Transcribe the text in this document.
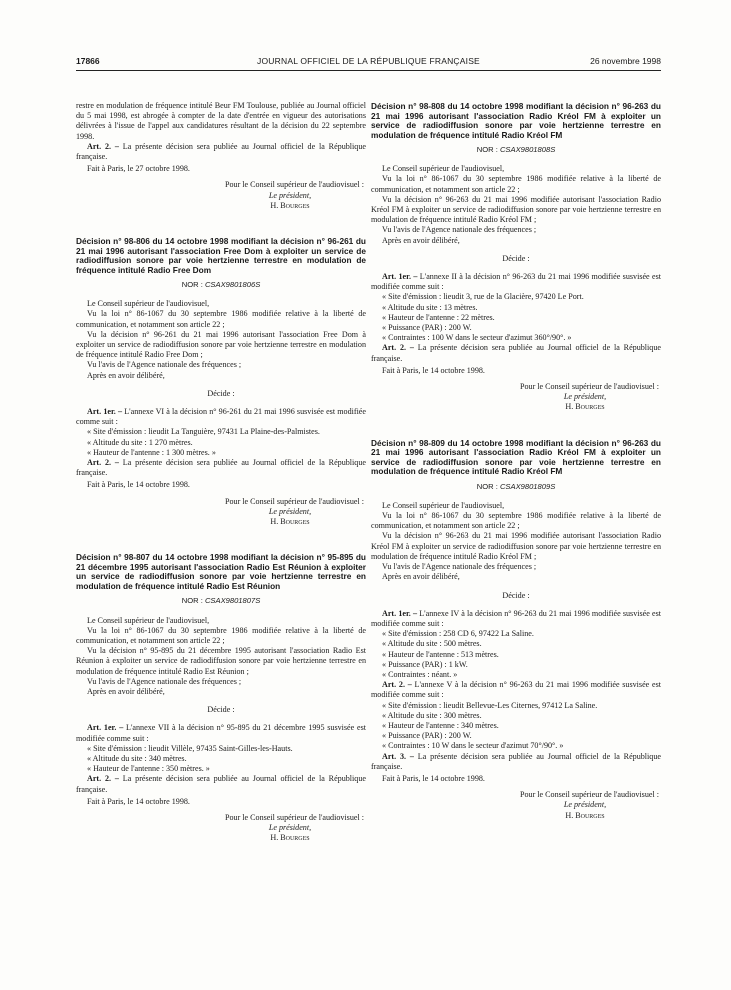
17866	JOURNAL OFFICIEL DE LA RÉPUBLIQUE FRANÇAISE	26 novembre 1998

restre en modulation de fréquence intitulé Beur FM Toulouse, publiée au Journal officiel du 5 mai 1998, est abrogée à compter de la date d'entrée en vigueur des autorisations délivrées à l'issue de l'appel aux candidatures résultant de la décision du 22 septembre 1998.

Art. 2. – La présente décision sera publiée au Journal officiel de la République française.

Fait à Paris, le 27 octobre 1998.

Pour le Conseil supérieur de l'audiovisuel :
Le président,
H. Bourges
Décision n° 98-806 du 14 octobre 1998 modifiant la décision n° 96-261 du 21 mai 1996 autorisant l'association Free Dom à exploiter un service de radiodiffusion sonore par voie hertzienne terrestre en modulation de fréquence intitulé Radio Free Dom
NOR : CSAX9801806S

Le Conseil supérieur de l'audiovisuel,

Vu la loi n° 86-1067 du 30 septembre 1986 modifiée relative à la liberté de communication, et notamment son article 22 ;

Vu la décision n° 96-261 du 21 mai 1996 autorisant l'association Free Dom à exploiter un service de radiodiffusion sonore par voie hertzienne terrestre en modulation de fréquence intitulé Radio Free Dom ;

Vu l'avis de l'Agence nationale des fréquences ;

Après en avoir délibéré,

Décide :

Art. 1er. – L'annexe VI à la décision n° 96-261 du 21 mai 1996 susvisée est modifiée comme suit :

« Site d'émission : lieudit La Tanguière, 97431 La Plaine-des-Palmistes.

« Altitude du site : 1 270 mètres.

« Hauteur de l'antenne : 1 300 mètres. »

Art. 2. – La présente décision sera publiée au Journal officiel de la République française.

Fait à Paris, le 14 octobre 1998.

Pour le Conseil supérieur de l'audiovisuel :
Le président,
H. Bourges
Décision n° 98-807 du 14 octobre 1998 modifiant la décision n° 95-895 du 21 décembre 1995 autorisant l'association Radio Est Réunion à exploiter un service de radiodiffusion sonore par voie hertzienne terrestre en modulation de fréquence intitulé Radio Est Réunion
NOR : CSAX9801807S

Le Conseil supérieur de l'audiovisuel,

Vu la loi n° 86-1067 du 30 septembre 1986 modifiée relative à la liberté de communication, et notamment son article 22 ;

Vu la décision n° 95-895 du 21 décembre 1995 autorisant l'association Radio Est Réunion à exploiter un service de radiodiffusion sonore par voie hertzienne terrestre en modulation de fréquence intitulé Radio Est Réunion ;

Vu l'avis de l'Agence nationale des fréquences ;

Après en avoir délibéré,

Décide :

Art. 1er. – L'annexe VII à la décision n° 95-895 du 21 décembre 1995 susvisée est modifiée comme suit :

« Site d'émission : lieudit Villèle, 97435 Saint-Gilles-les-Hauts.

« Altitude du site : 340 mètres.

« Hauteur de l'antenne : 350 mètres. »

Art. 2. – La présente décision sera publiée au Journal officiel de la République française.

Fait à Paris, le 14 octobre 1998.

Pour le Conseil supérieur de l'audiovisuel :
Le président,
H. Bourges
Décision n° 98-808 du 14 octobre 1998 modifiant la décision n° 96-263 du 21 mai 1996 autorisant l'association Radio Kréol FM à exploiter un service de radiodiffusion sonore par voie hertzienne terrestre en modulation de fréquence intitulé Radio Kréol FM
NOR : CSAX9801808S

Le Conseil supérieur de l'audiovisuel,

Vu la loi n° 86-1067 du 30 septembre 1986 modifiée relative à la liberté de communication, et notamment son article 22 ;

Vu la décision n° 96-263 du 21 mai 1996 modifiée autorisant l'association Radio Kréol FM à exploiter un service de radiodiffusion sonore par voie hertzienne terrestre en modulation de fréquence intitulé Radio Kréol FM ;

Vu l'avis de l'Agence nationale des fréquences ;

Après en avoir délibéré,

Décide :

Art. 1er. – L'annexe II à la décision n° 96-263 du 21 mai 1996 modifiée susvisée est modifiée comme suit :

« Site d'émission : lieudit 3, rue de la Glacière, 97420 Le Port.

« Altitude du site : 13 mètres.

« Hauteur de l'antenne : 22 mètres.

« Puissance (PAR) : 200 W.

« Contraintes : 100 W dans le secteur d'azimut 360°/90°. »

Art. 2. – La présente décision sera publiée au Journal officiel de la République française.

Fait à Paris, le 14 octobre 1998.

Pour le Conseil supérieur de l'audiovisuel :
Le président,
H. Bourges
Décision n° 98-809 du 14 octobre 1998 modifiant la décision n° 96-263 du 21 mai 1996 autorisant l'association Radio Kréol FM à exploiter un service de radiodiffusion sonore par voie hertzienne terrestre en modulation de fréquence intitulé Radio Kréol FM
NOR : CSAX9801809S

Le Conseil supérieur de l'audiovisuel,

Vu la loi n° 86-1067 du 30 septembre 1986 modifiée relative à la liberté de communication, et notamment son article 22 ;

Vu la décision n° 96-263 du 21 mai 1996 modifiée autorisant l'association Radio Kréol FM à exploiter un service de radiodiffusion sonore par voie hertzienne terrestre en modulation de fréquence intitulé Radio Kréol FM ;

Vu l'avis de l'Agence nationale des fréquences ;

Après en avoir délibéré,

Décide :

Art. 1er. – L'annexe IV à la décision n° 96-263 du 21 mai 1996 modifiée susvisée est modifiée comme suit :

« Site d'émission : 258 CD 6, 97422 La Saline.

« Altitude du site : 500 mètres.

« Hauteur de l'antenne : 513 mètres.

« Puissance (PAR) : 1 kW.

« Contraintes : néant. »

Art. 2. – L'annexe V à la décision n° 96-263 du 21 mai 1996 modifiée susvisée est modifiée comme suit :

« Site d'émission : lieudit Bellevue-Les Citernes, 97412 La Saline.

« Altitude du site : 300 mètres.

« Hauteur de l'antenne : 340 mètres.

« Puissance (PAR) : 200 W.

« Contraintes : 10 W dans le secteur d'azimut 70°/90°. »

Art. 3. – La présente décision sera publiée au Journal officiel de la République française.

Fait à Paris, le 14 octobre 1998.

Pour le Conseil supérieur de l'audiovisuel :
Le président,
H. Bourges
